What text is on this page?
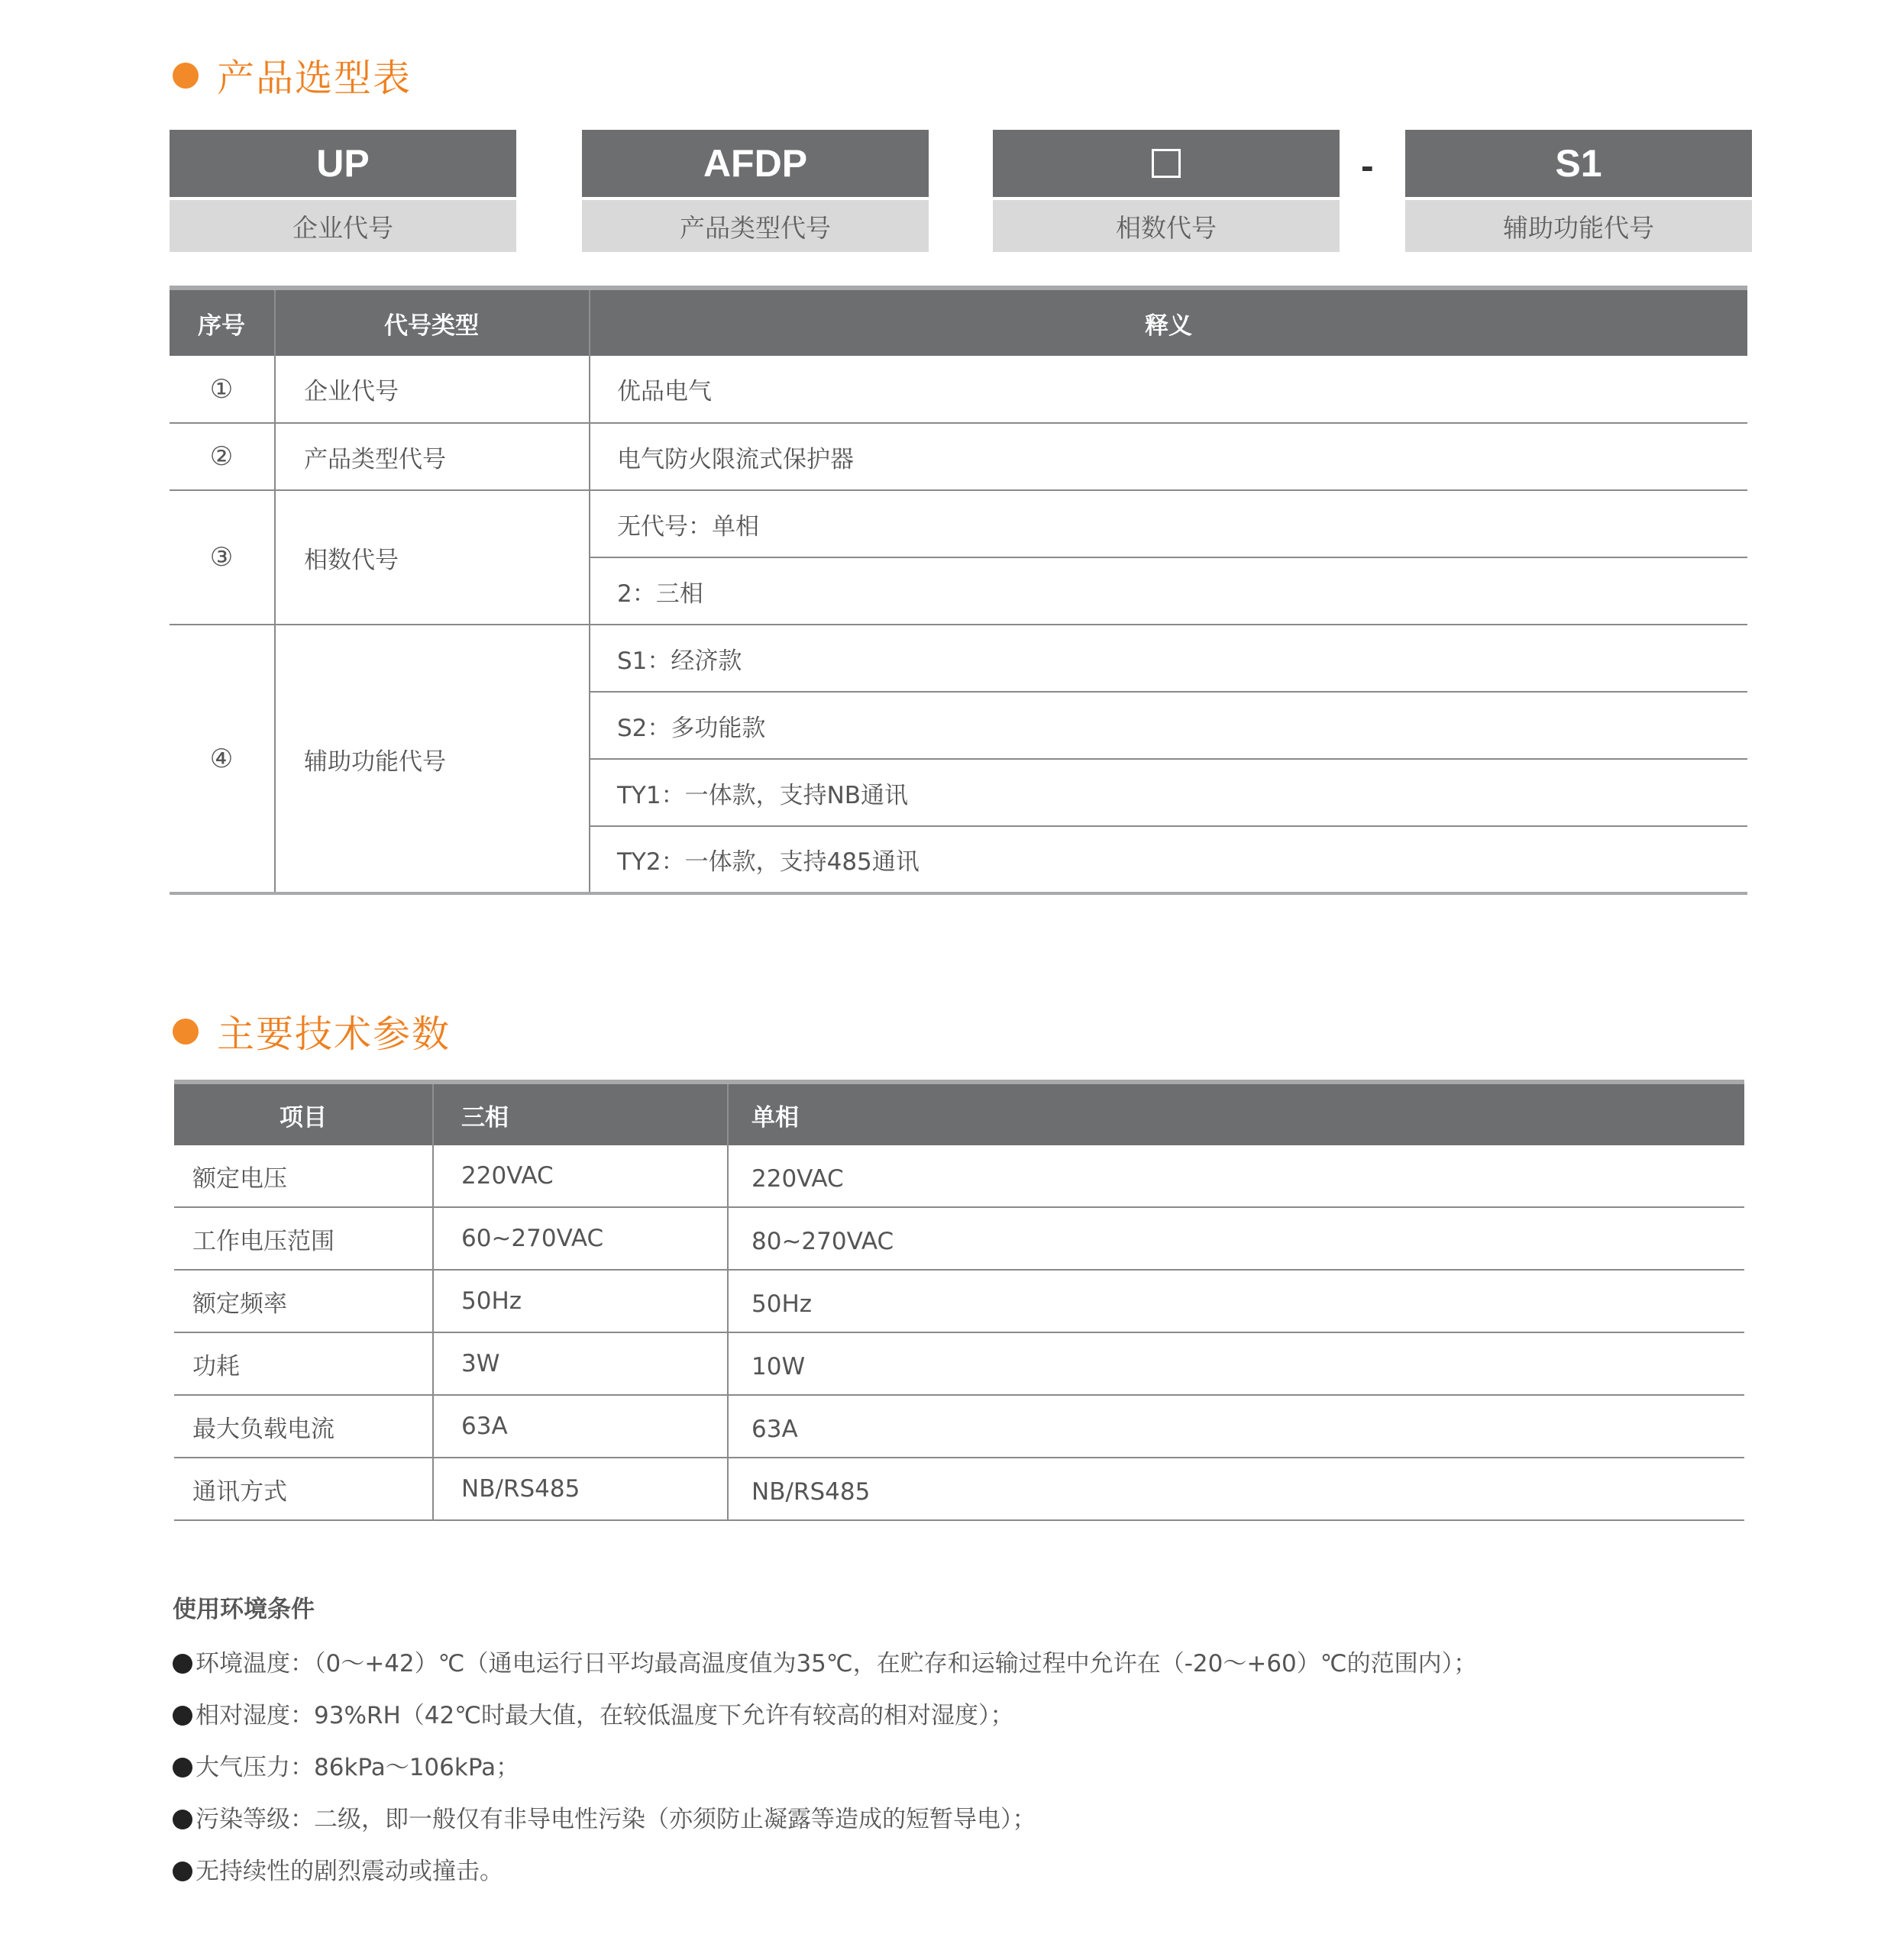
产品选型表
UP
企业代号
AFDP
产品类型代号	相数代号
-	S1
辅助功能代号
序号	代号类型	释义
①	企业代号	优品电气
②	产品类型代号	电气防火限流式保护器
③	相数代号
无代号：单相
2：三相
④	辅助功能代号
S1：经济款
S2：多功能款
TY1：一体款，支持NB通讯
TY2：一体款，支持485通讯
主要技术参数
项目	三相	单相
额定电压	220VAC	220VAC
工作电压范围	60~270VAC	80~270VAC
额定频率	50Hz	50Hz
功耗	3W	10W
最大负载电流	63A	63A
通讯方式	NB/RS485	NB/RS485
使用环境条件
环境温度：（0～+42）℃（通电运行日平均最高温度值为35℃，在贮存和运输过程中允许在（-20～+60）℃的范围内）；
相对湿度：93%RH（42℃时最大值，在较低温度下允许有较高的相对湿度）；
大气压力：86kPa～106kPa；
污染等级：二级，即一般仅有非导电性污染（亦须防止凝露等造成的短暂导电）；
无持续性的剧烈震动或撞击。
